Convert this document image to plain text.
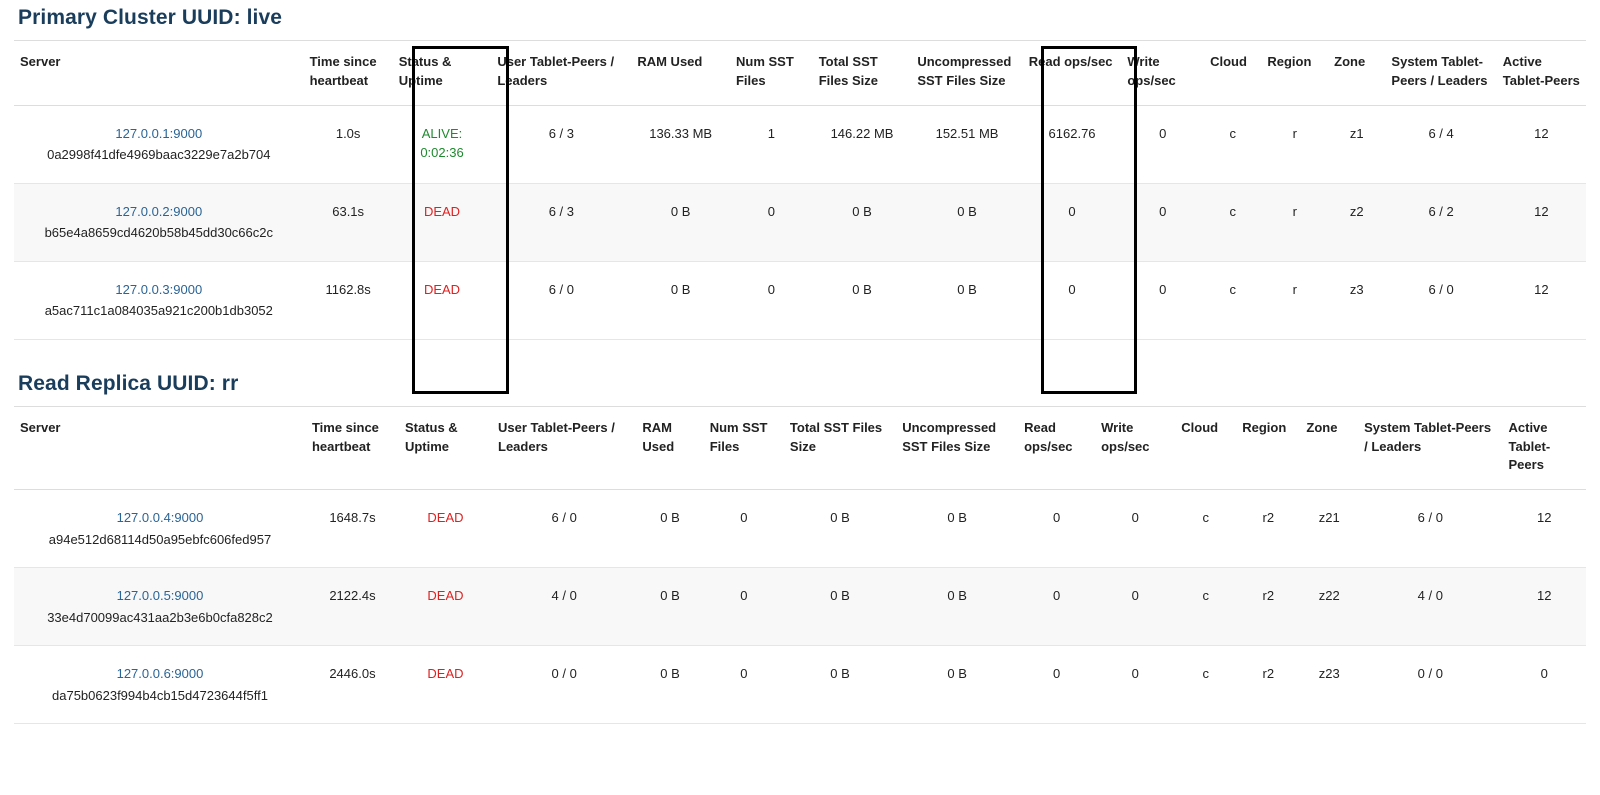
Primary Cluster UUID: live
Server	Time since heartbeat	Status & Uptime	User Tablet-Peers / Leaders	RAM Used	Num SST Files	Total SST Files Size	Uncompressed SST Files Size	Read ops/sec	Write ops/sec	Cloud	Region	Zone	System Tablet-Peers / Leaders	Active Tablet-Peers

127.0.0.1:9000
0a2998f41dfe4969baac3229e7a2b704	1.0s	ALIVE:
0:02:36	6 / 3	136.33 MB	1	146.22 MB	152.51 MB	6162.76	0	c	r	z1	6 / 4	12

127.0.0.2:9000
b65e4a8659cd4620b58b45dd30c66c2c	63.1s	DEAD	6 / 3	0 B	0	0 B	0 B	0	0	c	r	z2	6 / 2	12

127.0.0.3:9000
a5ac711c1a084035a921c200b1db3052	1162.8s	DEAD	6 / 0	0 B	0	0 B	0 B	0	0	c	r	z3	6 / 0	12
Read Replica UUID: rr
Server	Time since heartbeat	Status & Uptime	User Tablet-Peers / Leaders	RAM Used	Num SST Files	Total SST Files Size	Uncompressed SST Files Size	Read ops/sec	Write ops/sec	Cloud	Region	Zone	System Tablet-Peers / Leaders	Active Tablet-Peers

127.0.0.4:9000
a94e512d68114d50a95ebfc606fed957	1648.7s	DEAD	6 / 0	0 B	0	0 B	0 B	0	0	c	r2	z21	6 / 0	12

127.0.0.5:9000
33e4d70099ac431aa2b3e6b0cfa828c2	2122.4s	DEAD	4 / 0	0 B	0	0 B	0 B	0	0	c	r2	z22	4 / 0	12

127.0.0.6:9000
da75b0623f994b4cb15d4723644f5ff1	2446.0s	DEAD	0 / 0	0 B	0	0 B	0 B	0	0	c	r2	z23	0 / 0	0
